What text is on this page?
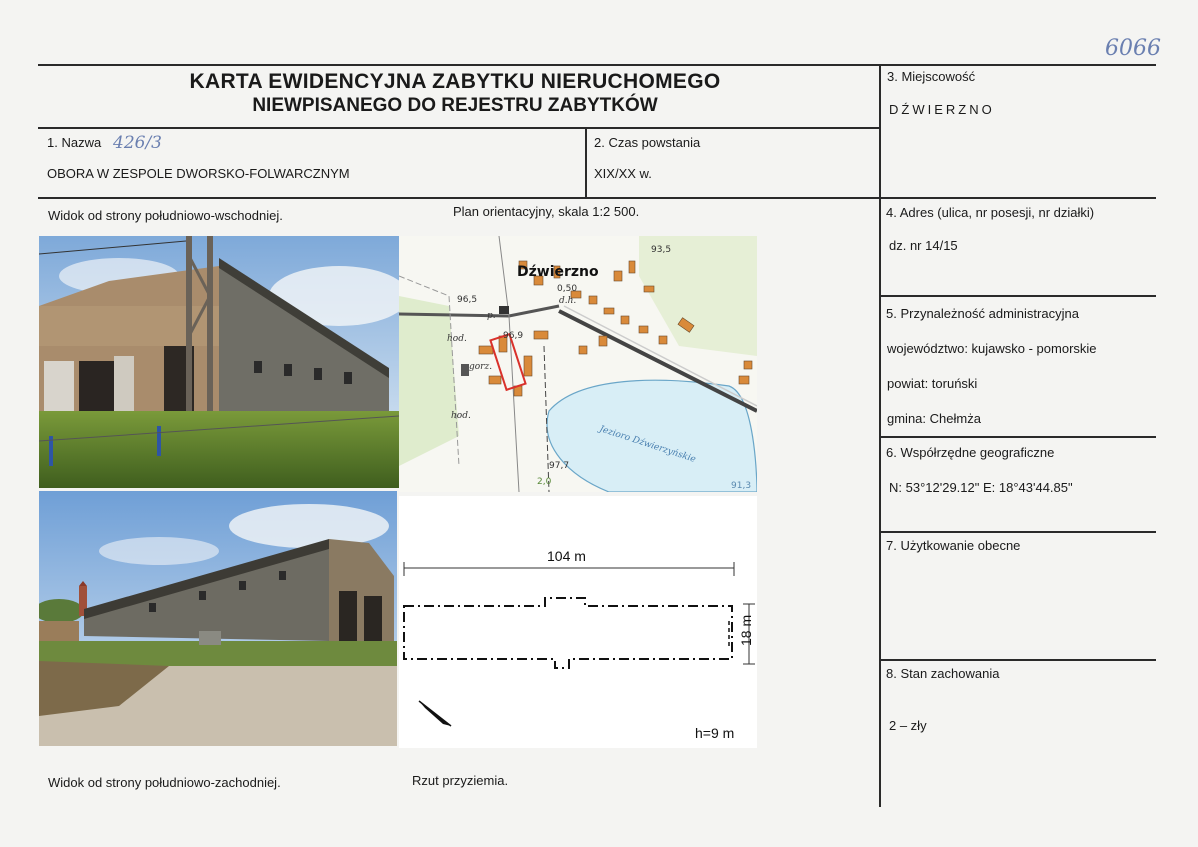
6066
KARTA EWIDENCYJNA ZABYTKU NIERUCHOMEGO
NIEWPISANEGO DO REJESTRU ZABYTKÓW
1. Nazwa 426/3
OBORA W ZESPOLE DWORSKO-FOLWARCZNYM
2. Czas powstania
XIX/XX w.
3. Miejscowość
DŹWIERZNO
4. Adres (ulica, nr posesji, nr działki)
dz. nr 14/15
5. Przynależność administracyjna
województwo: kujawsko - pomorskie
powiat: toruński
gmina: Chełmża
6. Współrzędne geograficzne
N: 53°12'29.12" E: 18°43'44.85"
7. Użytkowanie obecne
8. Stan zachowania
2 – zły
Widok od strony południowo-wschodniej.	Plan orientacyjny, skala 1:2 500.
Widok od strony południowo-zachodniej.	Rzut przyziemia.
Dźwierzno
93,5
96,5
0,50
96,9
97,7
91,3
2,0
Jezioro Dźwierzyńskie
hod.
hod.
gorz.
d.h.
p.
104 m
18 m
h=9 m
